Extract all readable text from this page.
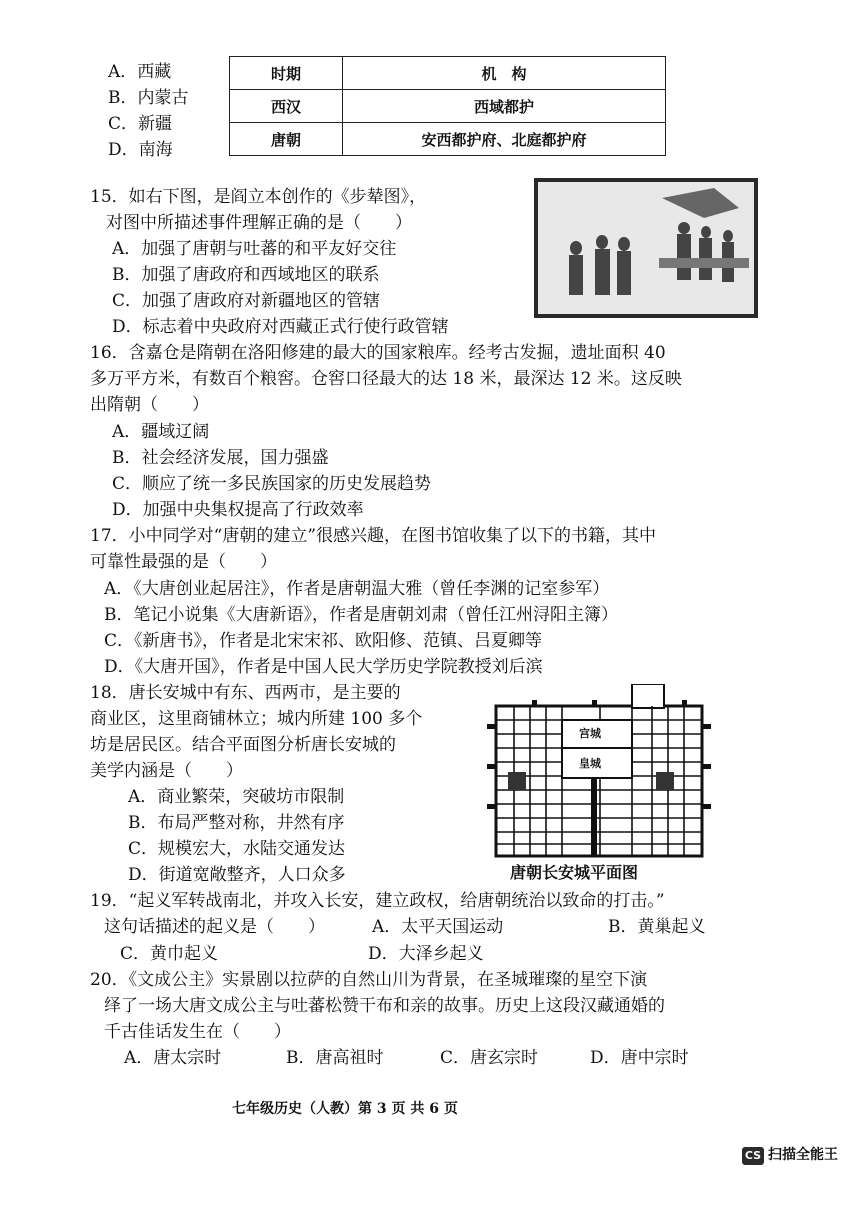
A．西藏
B．内蒙古
C．新疆
D．南海
时期	机　构
西汉	西域都护
唐朝	安西都护府、北庭都护府
15．如右下图，是阎立本创作的《步辇图》，
对图中所描述事件理解正确的是（　　）
A．加强了唐朝与吐蕃的和平友好交往
B．加强了唐政府和西域地区的联系
C．加强了唐政府对新疆地区的管辖
D．标志着中央政府对西藏正式行使行政管辖
16．含嘉仓是隋朝在洛阳修建的最大的国家粮库。经考古发掘，遗址面积 40
多万平方米，有数百个粮窖。仓窖口径最大的达 18 米，最深达 12 米。这反映
出隋朝（　　）
A．疆域辽阔
B．社会经济发展，国力强盛
C．顺应了统一多民族国家的历史发展趋势
D．加强中央集权提高了行政效率
17．小中同学对“唐朝的建立”很感兴趣，在图书馆收集了以下的书籍，其中
可靠性最强的是（　　）
A．《大唐创业起居注》，作者是唐朝温大雅（曾任李渊的记室参军）
B．笔记小说集《大唐新语》，作者是唐朝刘肃（曾任江州浔阳主簿）
C．《新唐书》，作者是北宋宋祁、欧阳修、范镇、吕夏卿等
D．《大唐开国》，作者是中国人民大学历史学院教授刘后滨
18．唐长安城中有东、西两市，是主要的
商业区，这里商铺林立；城内所建 100 多个
坊是居民区。结合平面图分析唐长安城的
美学内涵是（　　）
A．商业繁荣，突破坊市限制
B．布局严整对称，井然有序
C．规模宏大，水陆交通发达
D．街道宽敞整齐，人口众多
宫城
皇城
唐朝长安城平面图
19．“起义军转战南北，并攻入长安，建立政权，给唐朝统治以致命的打击。”
这句话描述的起义是（　　）	A．太平天国运动	B．黄巢起义
C．黄巾起义	D．大泽乡起义
20．《文成公主》实景剧以拉萨的自然山川为背景，在圣城璀璨的星空下演
绎了一场大唐文成公主与吐蕃松赞干布和亲的故事。历史上这段汉藏通婚的
千古佳话发生在（　　）
A．唐太宗时	B．唐高祖时	C．唐玄宗时	D．唐中宗时
七年级历史（人教）第 3 页 共 6 页
CS 扫描全能王
